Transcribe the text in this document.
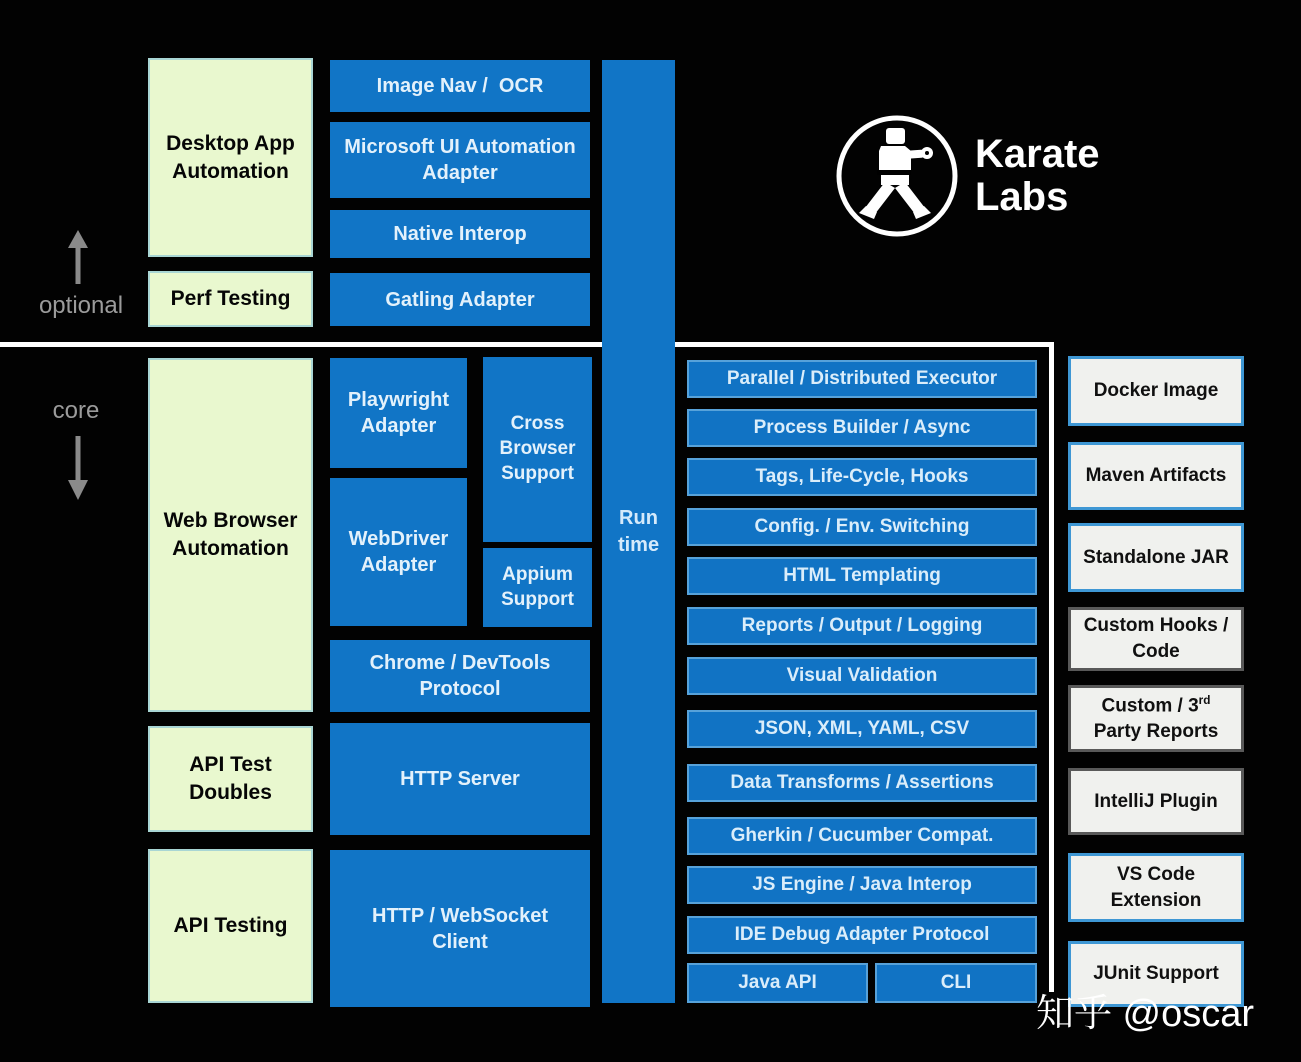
optional
core
Karate
Labs
Desktop App Automation
Perf Testing
Image Nav /  OCR
Microsoft UI Automation Adapter
Native Interop
Gatling Adapter
Web Browser Automation
API Test Doubles
API Testing
Playwright Adapter	Cross Browser Support
WebDriver Adapter	Appium Support
Chrome / DevTools Protocol
HTTP Server
HTTP / WebSocket Client
Run time
Parallel / Distributed Executor
Process Builder / Async
Tags, Life-Cycle, Hooks
Config. / Env. Switching
HTML Templating
Reports / Output / Logging
Visual Validation
JSON, XML, YAML, CSV
Data Transforms / Assertions
Gherkin / Cucumber Compat.
JS Engine / Java Interop
IDE Debug Adapter Protocol
Java API	CLI
Docker Image
Maven Artifacts
Standalone JAR
Custom Hooks / Code
Custom / 3rd Party Reports
IntelliJ Plugin
VS Code Extension
JUnit Support
知乎 @oscar
